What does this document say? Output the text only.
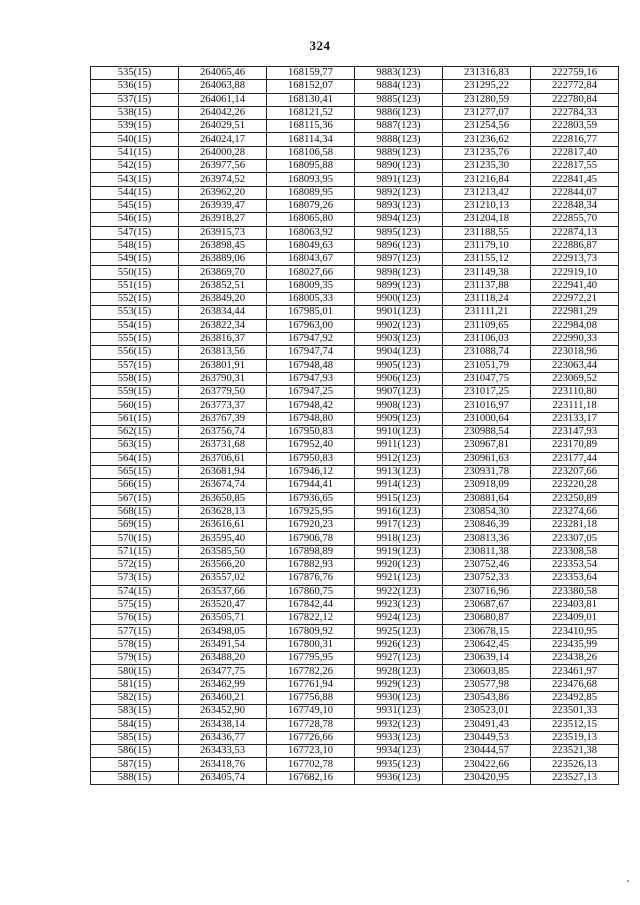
324
535(15)	264065,46	168159,77	9883(123)	231316,83	222759,16
536(15)	264063,88	168152,07	9884(123)	231295,22	222772,84
537(15)	264061,14	168130,41	9885(123)	231280,59	222780,84
538(15)	264042,26	168121,52	9886(123)	231277,07	222784,33
539(15)	264029,51	168115,36	9887(123)	231254,56	222803,59
540(15)	264024,17	168114,34	9888(123)	231236,62	222816,77
541(15)	264000,28	168106,58	9889(123)	231235,76	222817,40
542(15)	263977,56	168095,88	9890(123)	231235,30	222817,55
543(15)	263974,52	168093,95	9891(123)	231216,84	222841,45
544(15)	263962,20	168089,95	9892(123)	231213,42	222844,07
545(15)	263939,47	168079,26	9893(123)	231210,13	222848,34
546(15)	263918,27	168065,80	9894(123)	231204,18	222855,70
547(15)	263915,73	168063,92	9895(123)	231188,55	222874,13
548(15)	263898,45	168049,63	9896(123)	231179,10	222886,87
549(15)	263889,06	168043,67	9897(123)	231155,12	222913,73
550(15)	263869,70	168027,66	9898(123)	231149,38	222919,10
551(15)	263852,51	168009,35	9899(123)	231137,88	222941,40
552(15)	263849,20	168005,33	9900(123)	231118,24	222972,21
553(15)	263834,44	167985,01	9901(123)	231111,21	222981,29
554(15)	263822,34	167963,00	9902(123)	231109,65	222984,08
555(15)	263816,37	167947,92	9903(123)	231106,03	222990,33
556(15)	263813,56	167947,74	9904(123)	231088,74	223018,96
557(15)	263801,91	167948,48	9905(123)	231051,79	223063,44
558(15)	263790,31	167947,93	9906(123)	231047,75	223069,52
559(15)	263779,50	167947,25	9907(123)	231017,25	223110,80
560(15)	263773,37	167948,42	9908(123)	231016,97	223111,18
561(15)	263767,39	167948,80	9909(123)	231000,64	223133,17
562(15)	263756,74	167950,83	9910(123)	230988,54	223147,93
563(15)	263731,68	167952,40	9911(123)	230967,81	223170,89
564(15)	263706,61	167950,83	9912(123)	230961,63	223177,44
565(15)	263681,94	167946,12	9913(123)	230931,78	223207,66
566(15)	263674,74	167944,41	9914(123)	230918,09	223220,28
567(15)	263650,85	167936,65	9915(123)	230881,64	223250,89
568(15)	263628,13	167925,95	9916(123)	230854,30	223274,66
569(15)	263616,61	167920,23	9917(123)	230846,39	223281,18
570(15)	263595,40	167906,78	9918(123)	230813,36	223307,05
571(15)	263585,50	167898,89	9919(123)	230811,38	223308,58
572(15)	263566,20	167882,93	9920(123)	230752,46	223353,54
573(15)	263557,02	167876,76	9921(123)	230752,33	223353,64
574(15)	263537,66	167860,75	9922(123)	230716,96	223380,58
575(15)	263520,47	167842,44	9923(123)	230687,67	223403,81
576(15)	263505,71	167822,12	9924(123)	230680,87	223409,01
577(15)	263498,05	167809,92	9925(123)	230678,15	223410,95
578(15)	263491,54	167800,31	9926(123)	230642,45	223435,99
579(15)	263488,20	167795,95	9927(123)	230639,14	223438,26
580(15)	263477,75	167782,26	9928(123)	230603,85	223461,97
581(15)	263462,99	167761,94	9929(123)	230577,98	223476,68
582(15)	263460,21	167756,88	9930(123)	230543,86	223492,85
583(15)	263452,90	167749,10	9931(123)	230523,01	223501,33
584(15)	263438,14	167728,78	9932(123)	230491,43	223512,15
585(15)	263436,77	167726,66	9933(123)	230449,53	223519,13
586(15)	263433,53	167723,10	9934(123)	230444,57	223521,38
587(15)	263418,76	167702,78	9935(123)	230422,66	223526,13
588(15)	263405,74	167682,16	9936(123)	230420,95	223527,13
